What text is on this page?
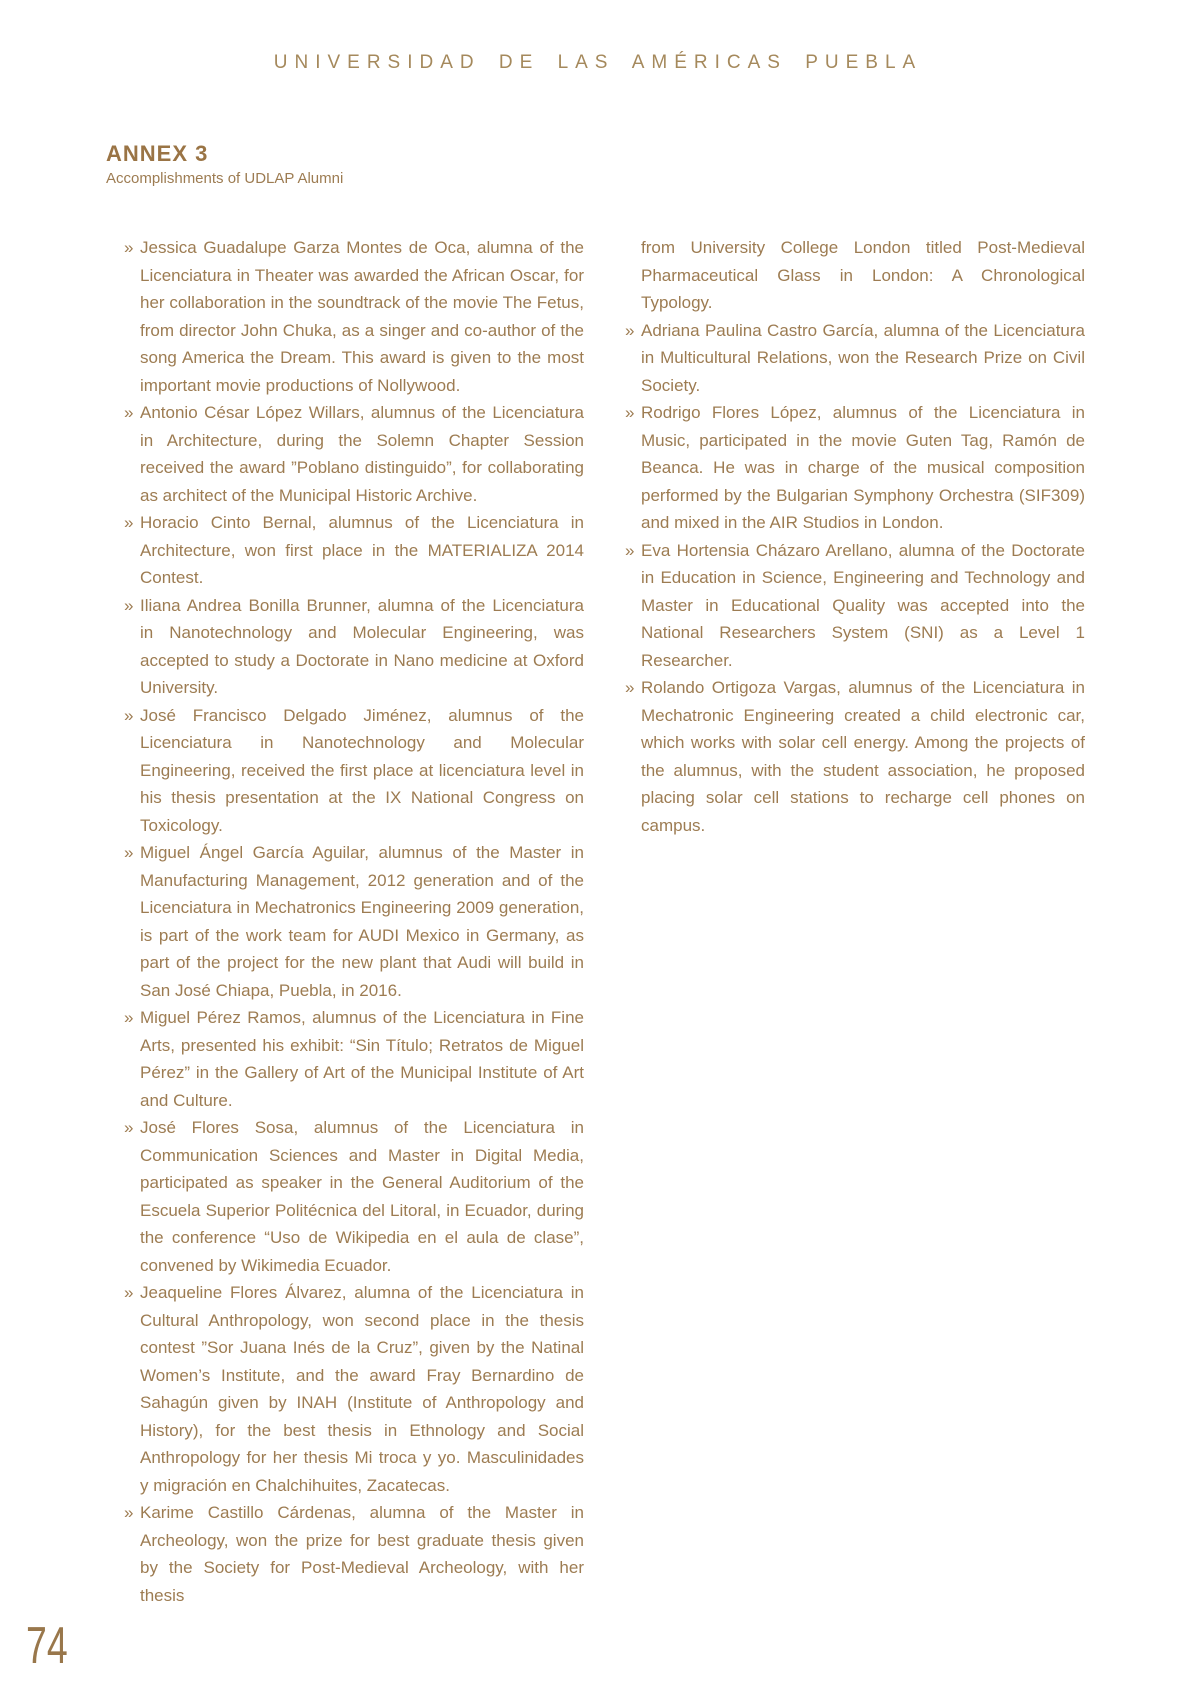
UNIVERSIDAD DE LAS AMÉRICAS PUEBLA
ANNEX 3
Accomplishments of UDLAP Alumni

» Jessica Guadalupe Garza Montes de Oca, alumna of the Licenciatura in Theater was awarded the African Oscar, for her collaboration in the soundtrack of the movie The Fetus, from director John Chuka, as a singer and co-author of the song America the Dream. This award is given to the most important movie productions of Nollywood.

» Antonio César López Willars, alumnus of the Licenciatura in Architecture, during the Solemn Chapter Session received the award ”Poblano distinguido”, for collaborating as architect of the Municipal Historic Archive.

» Horacio Cinto Bernal, alumnus of the Licenciatura in Architecture, won first place in the MATERIALIZA 2014 Contest.

» Iliana Andrea Bonilla Brunner, alumna of the Licenciatura in Nanotechnology and Molecular Engineering, was accepted to study a Doctorate in Nano medicine at Oxford University.

» José Francisco Delgado Jiménez, alumnus of the Licenciatura in Nanotechnology and Molecular Engineering, received the first place at licenciatura level in his thesis presentation at the IX National Congress on Toxicology.

» Miguel Ángel García Aguilar, alumnus of the Master in Manufacturing Management, 2012 generation and of the Licenciatura in Mechatronics Engineering 2009 generation, is part of the work team for AUDI Mexico in Germany, as part of the project for the new plant that Audi will build in San José Chiapa, Puebla, in 2016.

» Miguel Pérez Ramos, alumnus of the Licenciatura in Fine Arts, presented his exhibit: “Sin Título; Retratos de Miguel Pérez” in the Gallery of Art of the Municipal Institute of Art and Culture.

» José Flores Sosa, alumnus of the Licenciatura in Communication Sciences and Master in Digital Media, participated as speaker in the General Auditorium of the Escuela Superior Politécnica del Litoral, in Ecuador, during the conference “Uso de Wikipedia en el aula de clase”, convened by Wikimedia Ecuador.

» Jeaqueline Flores Álvarez, alumna of the Licenciatura in Cultural Anthropology, won second place in the thesis contest ”Sor Juana Inés de la Cruz”, given by the Natinal Women’s Institute, and the award Fray Bernardino de Sahagún given by INAH (Institute of Anthropology and History), for the best thesis in Ethnology and Social Anthropology for her thesis Mi troca y yo. Masculinidades y migración en Chalchihuites, Zacatecas.

» Karime Castillo Cárdenas, alumna of the Master in Archeology, won the prize for best graduate thesis given by the Society for Post-Medieval Archeology, with her thesis

from University College London titled Post-Medieval Pharmaceutical Glass in London: A Chronological Typology.

» Adriana Paulina Castro García, alumna of the Licenciatura in Multicultural Relations, won the Research Prize on Civil Society.

» Rodrigo Flores López, alumnus of the Licenciatura in Music, participated in the movie Guten Tag, Ramón de Beanca. He was in charge of the musical composition performed by the Bulgarian Symphony Orchestra (SIF309) and mixed in the AIR Studios in London.

» Eva Hortensia Cházaro Arellano, alumna of the Doctorate in Education in Science, Engineering and Technology and Master in Educational Quality was accepted into the National Researchers System (SNI) as a Level 1 Researcher.

» Rolando Ortigoza Vargas, alumnus of the Licenciatura in Mechatronic Engineering created a child electronic car, which works with solar cell energy. Among the projects of the alumnus, with the student association, he proposed placing solar cell stations to recharge cell phones on campus.

74
